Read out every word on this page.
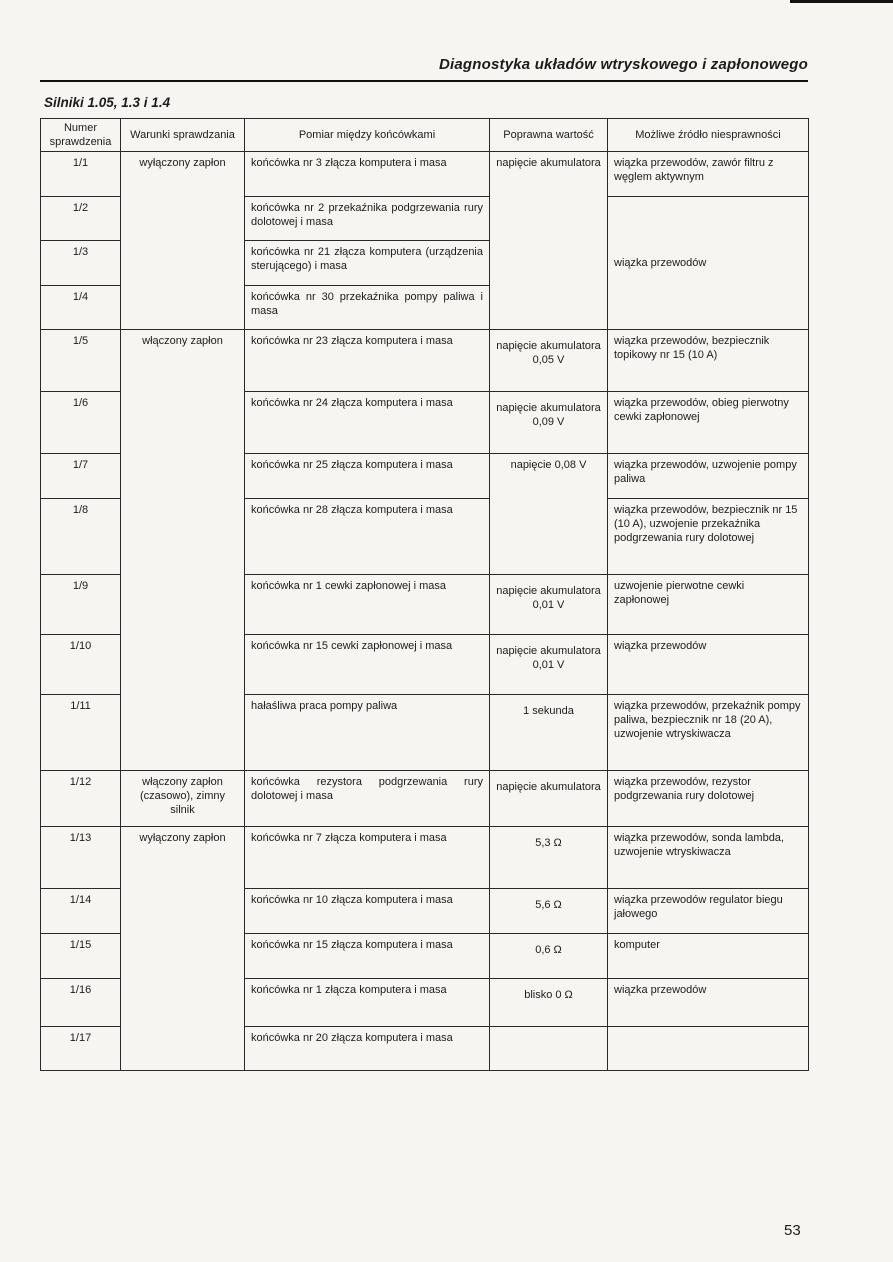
Diagnostyka układów wtryskowego i zapłonowego
Silniki 1.05, 1.3 i 1.4
Numer sprawdzenia	Warunki sprawdzania	Pomiar między końcówkami	Poprawna wartość	Możliwe źródło niesprawności
1/1	wyłączony zapłon	końcówka nr 3 złącza komputera i masa	napięcie akumulatora	wiązka przewodów, zawór filtru z węglem aktywnym
1/2		końcówka nr 2 przekaźnika podgrzewania rury dolotowej i masa		wiązka przewodów
1/3		końcówka nr 21 złącza komputera (urządzenia sterującego) i masa		
1/4		końcówka nr 30 przekaźnika pompy paliwa i masa		
1/5	włączony zapłon	końcówka nr 23 złącza komputera i masa	napięcie akumulatora 0,05 V	wiązka przewodów, bezpiecznik topikowy nr 15 (10 A)
1/6		końcówka nr 24 złącza komputera i masa	napięcie akumulatora 0,09 V	wiązka przewodów, obieg pierwotny cewki zapłonowej
1/7		końcówka nr 25 złącza komputera i masa	napięcie 0,08 V	wiązka przewodów, uzwojenie pompy paliwa
1/8		końcówka nr 28 złącza komputera i masa		wiązka przewodów, bezpiecznik nr 15 (10 A), uzwojenie przekaźnika podgrzewania rury dolotowej
1/9		końcówka nr 1 cewki zapłonowej i masa	napięcie akumulatora 0,01 V	uzwojenie pierwotne cewki zapłonowej
1/10		końcówka nr 15 cewki zapłonowej i masa	napięcie akumulatora 0,01 V	wiązka przewodów
1/11		hałaśliwa praca pompy paliwa	1 sekunda	wiązka przewodów, przekaźnik pompy paliwa, bezpiecznik nr 18 (20 A), uzwojenie wtryskiwacza
1/12	włączony zapłon (czasowo), zimny silnik	końcówka rezystora podgrzewania rury dolotowej i masa	napięcie akumulatora	wiązka przewodów, rezystor podgrzewania rury dolotowej
1/13	wyłączony zapłon	końcówka nr 7 złącza komputera i masa	5,3 Ω	wiązka przewodów, sonda lambda, uzwojenie wtryskiwacza
1/14		końcówka nr 10 złącza komputera i masa	5,6 Ω	wiązka przewodów regulator biegu jałowego
1/15		końcówka nr 15 złącza komputera i masa	0,6 Ω	komputer
1/16		końcówka nr 1 złącza komputera i masa	blisko 0 Ω	wiązka przewodów
1/17		końcówka nr 20 złącza komputera i masa		
53
